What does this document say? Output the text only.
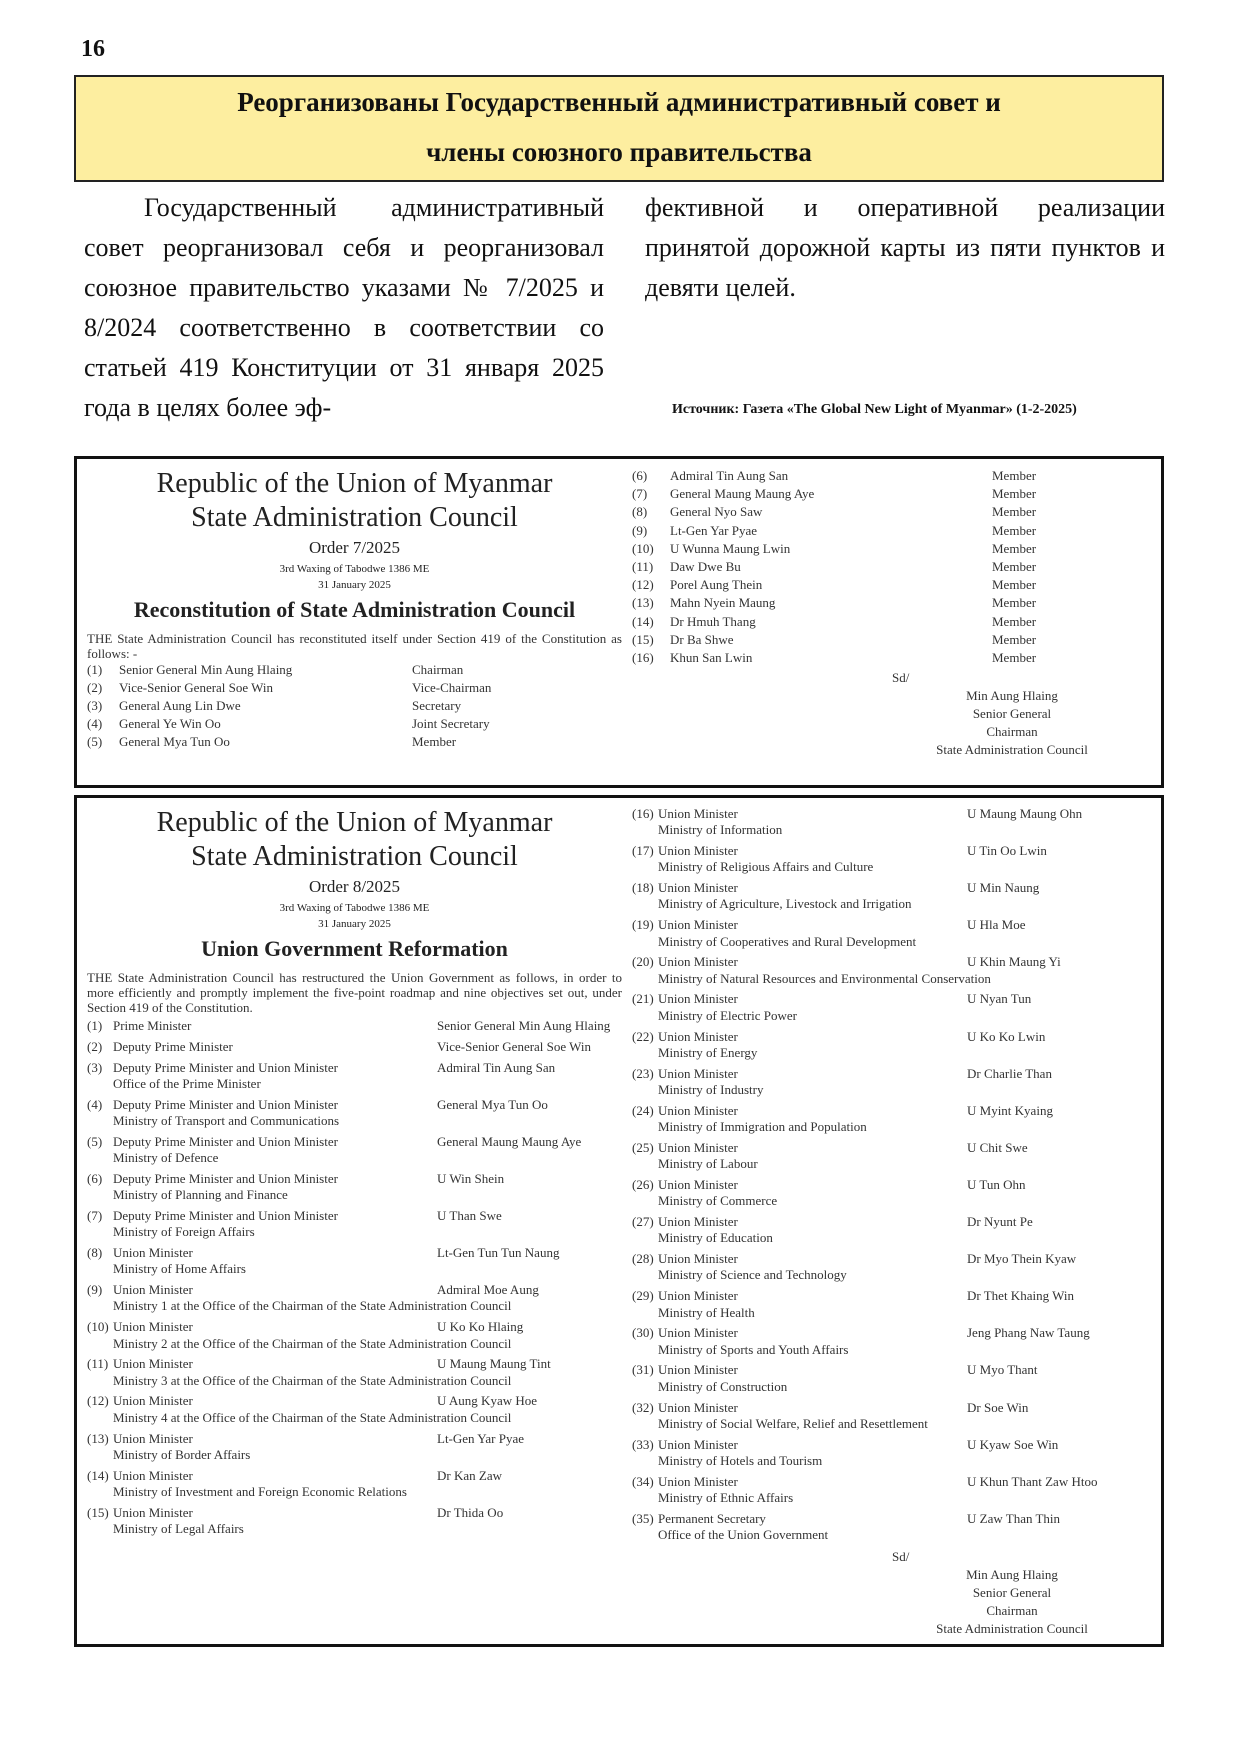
16
Реорганизованы Государственный административный совет и
члены союзного правительства

Государственный административный совет реорганизовал себя и реорганизовал союзное правительство указами № 7/2025 и 8/2024 соответственно в соответствии со статьей 419 Конституции от 31 января 2025 года в целях более эф-

фективной и оперативной реализации принятой дорожной карты из пяти пунктов и девяти целей.

Источник: Газета «The Global New Light of Myanmar» (1-2-2025)
Republic of the Union of Myanmar
State Administration Council
Order 7/2025
3rd Waxing of Tabodwe 1386 ME
31 January 2025
Reconstitution of State Administration Council
THE State Administration Council has reconstituted itself under Section 419 of the Constitution as follows: -
(1)	Senior General Min Aung Hlaing	Chairman
(2)	Vice-Senior General Soe Win	Vice-Chairman
(3)	General Aung Lin Dwe	Secretary
(4)	General Ye Win Oo	Joint Secretary
(5)	General Mya Tun Oo	Member
(6)	Admiral Tin Aung San	Member
(7)	General Maung Maung Aye	Member
(8)	General Nyo Saw	Member
(9)	Lt-Gen Yar Pyae	Member
(10)	U Wunna Maung Lwin	Member
(11)	Daw Dwe Bu	Member
(12)	Porel Aung Thein	Member
(13)	Mahn Nyein Maung	Member
(14)	Dr Hmuh Thang	Member
(15)	Dr Ba Shwe	Member
(16)	Khun San Lwin	Member
Sd/
Min Aung Hlaing
Senior General
Chairman
State Administration Council
Republic of the Union of Myanmar
State Administration Council
Order 8/2025
3rd Waxing of Tabodwe 1386 ME
31 January 2025
Union Government Reformation
THE State Administration Council has restructured the Union Government as follows, in order to more efficiently and promptly implement the five-point roadmap and nine objectives set out, under Section 419 of the Constitution.
(1) Prime Minister	Senior General Min Aung Hlaing
(2) Deputy Prime Minister	Vice-Senior General Soe Win
(3) Deputy Prime Minister and Union Minister	Admiral Tin Aung San
Office of the Prime Minister
(4) Deputy Prime Minister and Union Minister	General Mya Tun Oo
Ministry of Transport and Communications
(5) Deputy Prime Minister and Union Minister	General Maung Maung Aye
Ministry of Defence
(6) Deputy Prime Minister and Union Minister	U Win Shein
Ministry of Planning and Finance
(7) Deputy Prime Minister and Union Minister	U Than Swe
Ministry of Foreign Affairs
(8) Union Minister	Lt-Gen Tun Tun Naung
Ministry of Home Affairs
(9) Union Minister	Admiral Moe Aung
Ministry 1 at the Office of the Chairman of the State Administration Council
(10) Union Minister	U Ko Ko Hlaing
Ministry 2 at the Office of the Chairman of the State Administration Council
(11) Union Minister	U Maung Maung Tint
Ministry 3 at the Office of the Chairman of the State Administration Council
(12) Union Minister	U Aung Kyaw Hoe
Ministry 4 at the Office of the Chairman of the State Administration Council
(13) Union Minister	Lt-Gen Yar Pyae
Ministry of Border Affairs
(14) Union Minister	Dr Kan Zaw
Ministry of Investment and Foreign Economic Relations
(15) Union Minister	Dr Thida Oo
Ministry of Legal Affairs
(16) Union Minister	U Maung Maung Ohn
Ministry of Information
(17) Union Minister	U Tin Oo Lwin
Ministry of Religious Affairs and Culture
(18) Union Minister	U Min Naung
Ministry of Agriculture, Livestock and Irrigation
(19) Union Minister	U Hla Moe
Ministry of Cooperatives and Rural Development
(20) Union Minister	U Khin Maung Yi
Ministry of Natural Resources and Environmental Conservation
(21) Union Minister	U Nyan Tun
Ministry of Electric Power
(22) Union Minister	U Ko Ko Lwin
Ministry of Energy
(23) Union Minister	Dr Charlie Than
Ministry of Industry
(24) Union Minister	U Myint Kyaing
Ministry of Immigration and Population
(25) Union Minister	U Chit Swe
Ministry of Labour
(26) Union Minister	U Tun Ohn
Ministry of Commerce
(27) Union Minister	Dr Nyunt Pe
Ministry of Education
(28) Union Minister	Dr Myo Thein Kyaw
Ministry of Science and Technology
(29) Union Minister	Dr Thet Khaing Win
Ministry of Health
(30) Union Minister	Jeng Phang Naw Taung
Ministry of Sports and Youth Affairs
(31) Union Minister	U Myo Thant
Ministry of Construction
(32) Union Minister	Dr Soe Win
Ministry of Social Welfare, Relief and Resettlement
(33) Union Minister	U Kyaw Soe Win
Ministry of Hotels and Tourism
(34) Union Minister	U Khun Thant Zaw Htoo
Ministry of Ethnic Affairs
(35) Permanent Secretary	U Zaw Than Thin
Office of the Union Government
Sd/
Min Aung Hlaing
Senior General
Chairman
State Administration Council
